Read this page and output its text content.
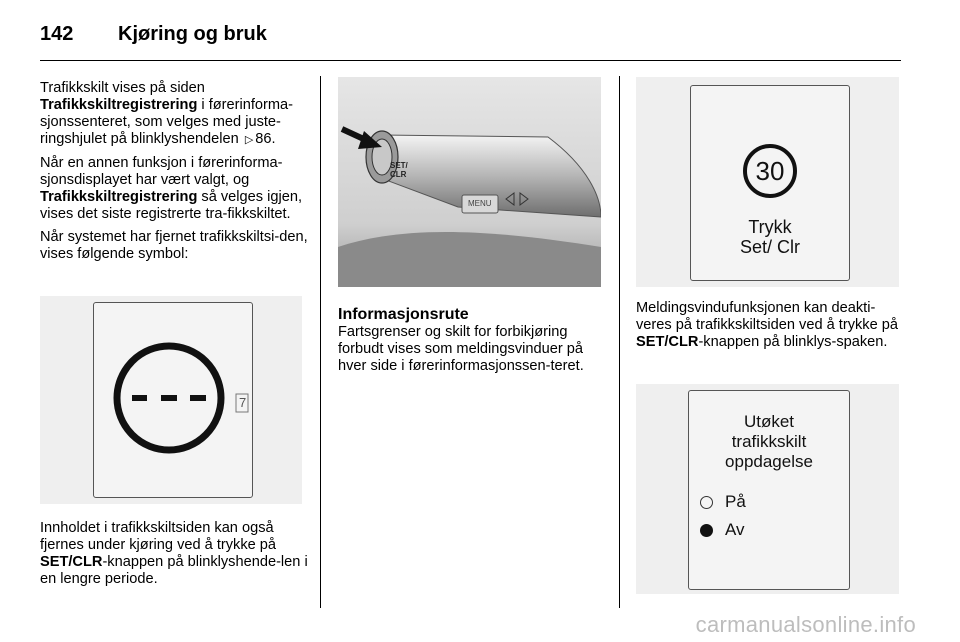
142	Kjøring og bruk

Trafikkskilt vises på siden
Trafikkskiltregistrering i førerinforma-sjonssenteret, som velges med juste-ringshjulet på blinklyshendelen ▷ 86.

Når en annen funksjon i førerinforma-sjonsdisplayet har vært valgt, og
Trafikkskiltregistrering så velges igjen, vises det siste registrerte tra-fikkskiltet.

Når systemet har fjernet trafikkskiltsi-den, vises følgende symbol:

7

Innholdet i trafikkskiltsiden kan også fjernes under kjøring ved å trykke på
SET/CLR-knappen på blinklyshende-len i en lengre periode.

SET/
CLR
MENU
Informasjonsrute

Fartsgrenser og skilt for forbikjøring forbudt vises som meldingsvinduer på hver side i førerinformasjonssen-teret.

30
Trykk
Set/ Clr

Meldingsvindufunksjonen kan deakti-veres på trafikkskiltsiden ved å trykke på SET/CLR-knappen på blinklys-spaken.

Utøket
trafikkskilt
oppdagelse
På
Av
carmanualsonline.info
